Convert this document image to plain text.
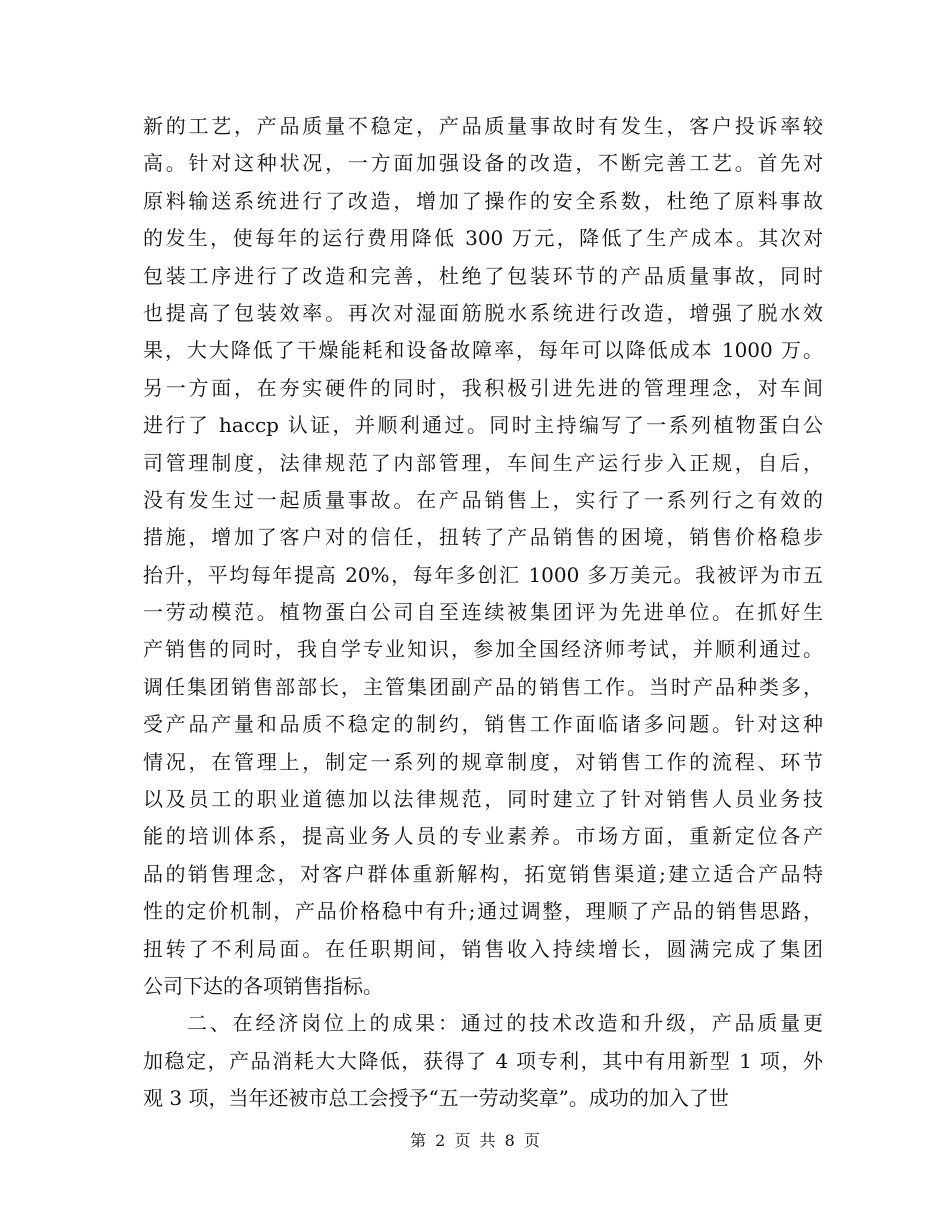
新的工艺，产品质量不稳定，产品质量事故时有发生，客户投诉率较
高。针对这种状况，一方面加强设备的改造，不断完善工艺。首先对
原料输送系统进行了改造，增加了操作的安全系数，杜绝了原料事故
的发生，使每年的运行费用降低 300 万元，降低了生产成本。其次对
包装工序进行了改造和完善，杜绝了包装环节的产品质量事故，同时
也提高了包装效率。再次对湿面筋脱水系统进行改造，增强了脱水效
果，大大降低了干燥能耗和设备故障率，每年可以降低成本 1000 万。
另一方面，在夯实硬件的同时，我积极引进先进的管理理念，对车间
进行了 haccp 认证，并顺利通过。同时主持编写了一系列植物蛋白公
司管理制度，法律规范了内部管理，车间生产运行步入正规，自后，
没有发生过一起质量事故。在产品销售上，实行了一系列行之有效的
措施，增加了客户对的信任，扭转了产品销售的困境，销售价格稳步
抬升，平均每年提高 20%，每年多创汇 1000 多万美元。我被评为市五
一劳动模范。植物蛋白公司自至连续被集团评为先进单位。在抓好生
产销售的同时，我自学专业知识，参加全国经济师考试，并顺利通过。
调任集团销售部部长，主管集团副产品的销售工作。当时产品种类多，
受产品产量和品质不稳定的制约，销售工作面临诸多问题。针对这种
情况，在管理上，制定一系列的规章制度，对销售工作的流程、环节
以及员工的职业道德加以法律规范，同时建立了针对销售人员业务技
能的培训体系，提高业务人员的专业素养。市场方面，重新定位各产
品的销售理念，对客户群体重新解构，拓宽销售渠道;建立适合产品特
性的定价机制，产品价格稳中有升;通过调整，理顺了产品的销售思路，
扭转了不利局面。在任职期间，销售收入持续增长，圆满完成了集团
公司下达的各项销售指标。
二、在经济岗位上的成果：通过的技术改造和升级，产品质量更
加稳定，产品消耗大大降低，获得了 4 项专利，其中有用新型 1 项，外
观 3 项，当年还被市总工会授予“五一劳动奖章”。成功的加入了世
第 2 页 共 8 页
